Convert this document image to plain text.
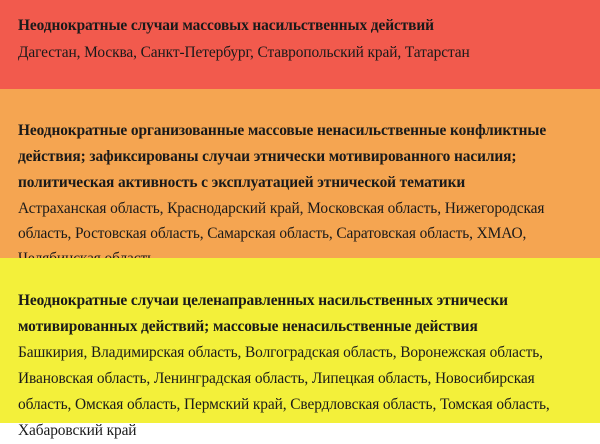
Неоднократные случаи массовых насильственных действий

Дагестан, Москва, Санкт-Петербург, Ставропольский край, Татарстан

Неоднократные организованные массовые ненасильственные конфликтные действия; зафиксированы случаи этнически мотивированного насилия; политическая активность с эксплуатацией этнической тематики

Астраханская область, Краснодарский край, Московская область, Нижегородская область, Ростовская область, Самарская область, Саратовская область, ХМАО,

Неоднократные случаи целенаправленных насильственных этнически мотивированных действий; массовые ненасильственные действия

Башкирия, Владимирская область, Волгоградская область, Воронежская область, Ивановская область, Ленинградская область, Липецкая область, Новосибирская область, Омская область, Пермский край, Свердловская область, Томская область, Хабаровский край
